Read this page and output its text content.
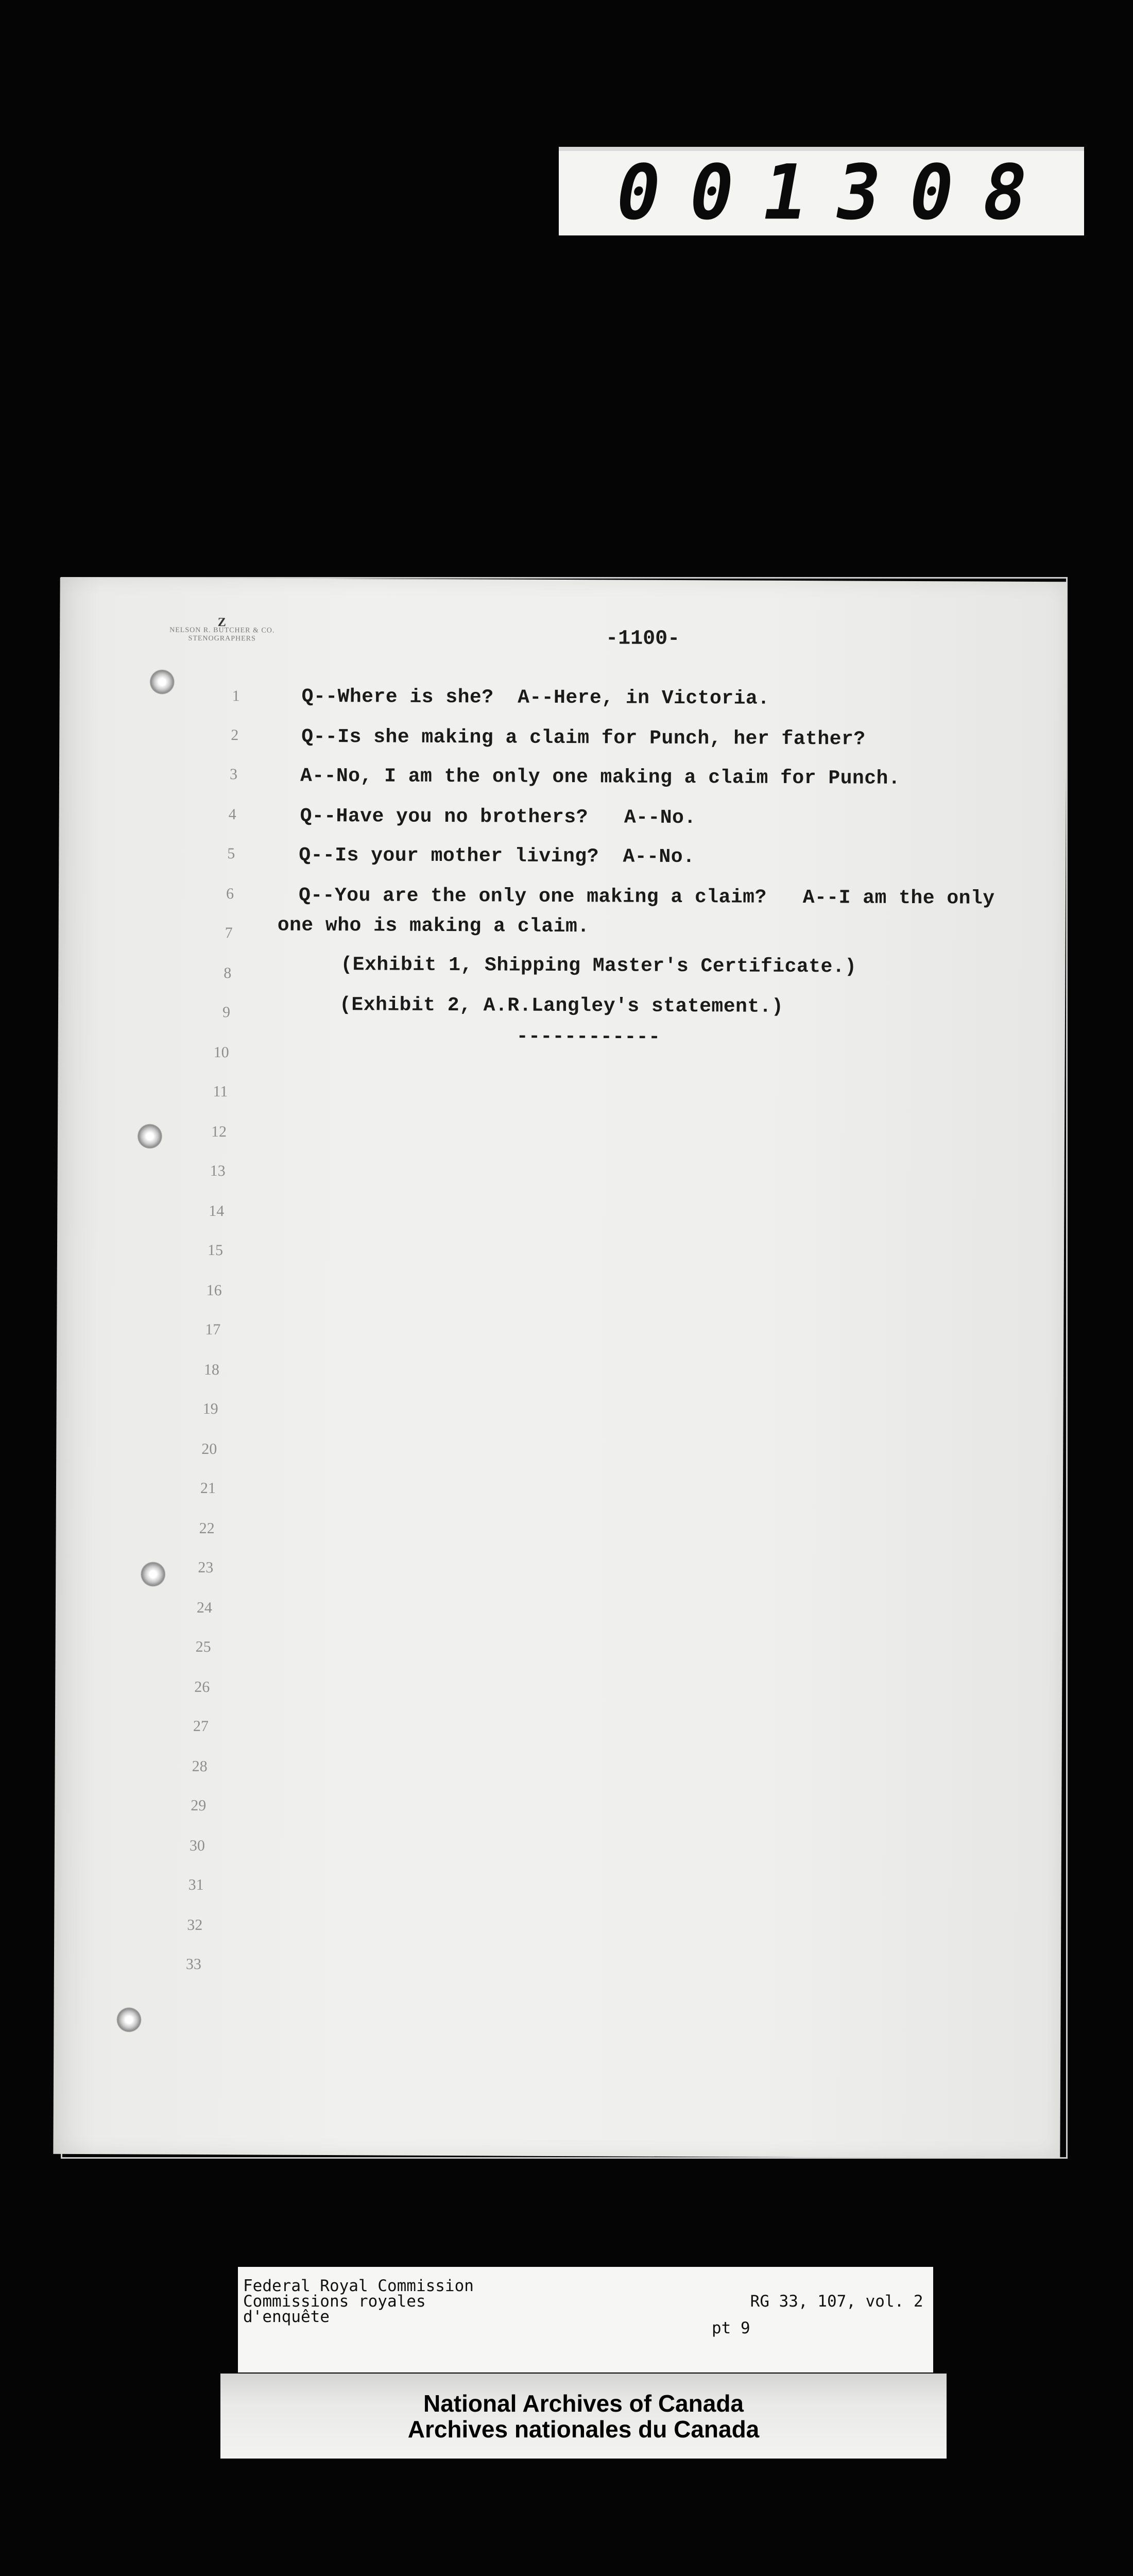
001308
Z
NELSON R. BUTCHER & CO.
STENOGRAPHERS	-1100-
1
2
3
4
5
6
7
8
9
10
11
12
13
14
15
16
17
18
19
20
21
22
23
24
25
26
27
28
29
30
31
32
33
Q--Where is she?  A--Here, in Victoria.
Q--Is she making a claim for Punch, her father?
A--No, I am the only one making a claim for Punch.
Q--Have you no brothers?   A--No.
Q--Is your mother living?  A--No.
Q--You are the only one making a claim?   A--I am the only
one who is making a claim.
(Exhibit 1, Shipping Master's Certificate.)
(Exhibit 2, A.R.Langley's statement.)
------------
Federal Royal Commission
Commissions royales
d'enquête

RG 33, 107, vol. 2

pt 9

National Archives of Canada
Archives nationales du Canada
